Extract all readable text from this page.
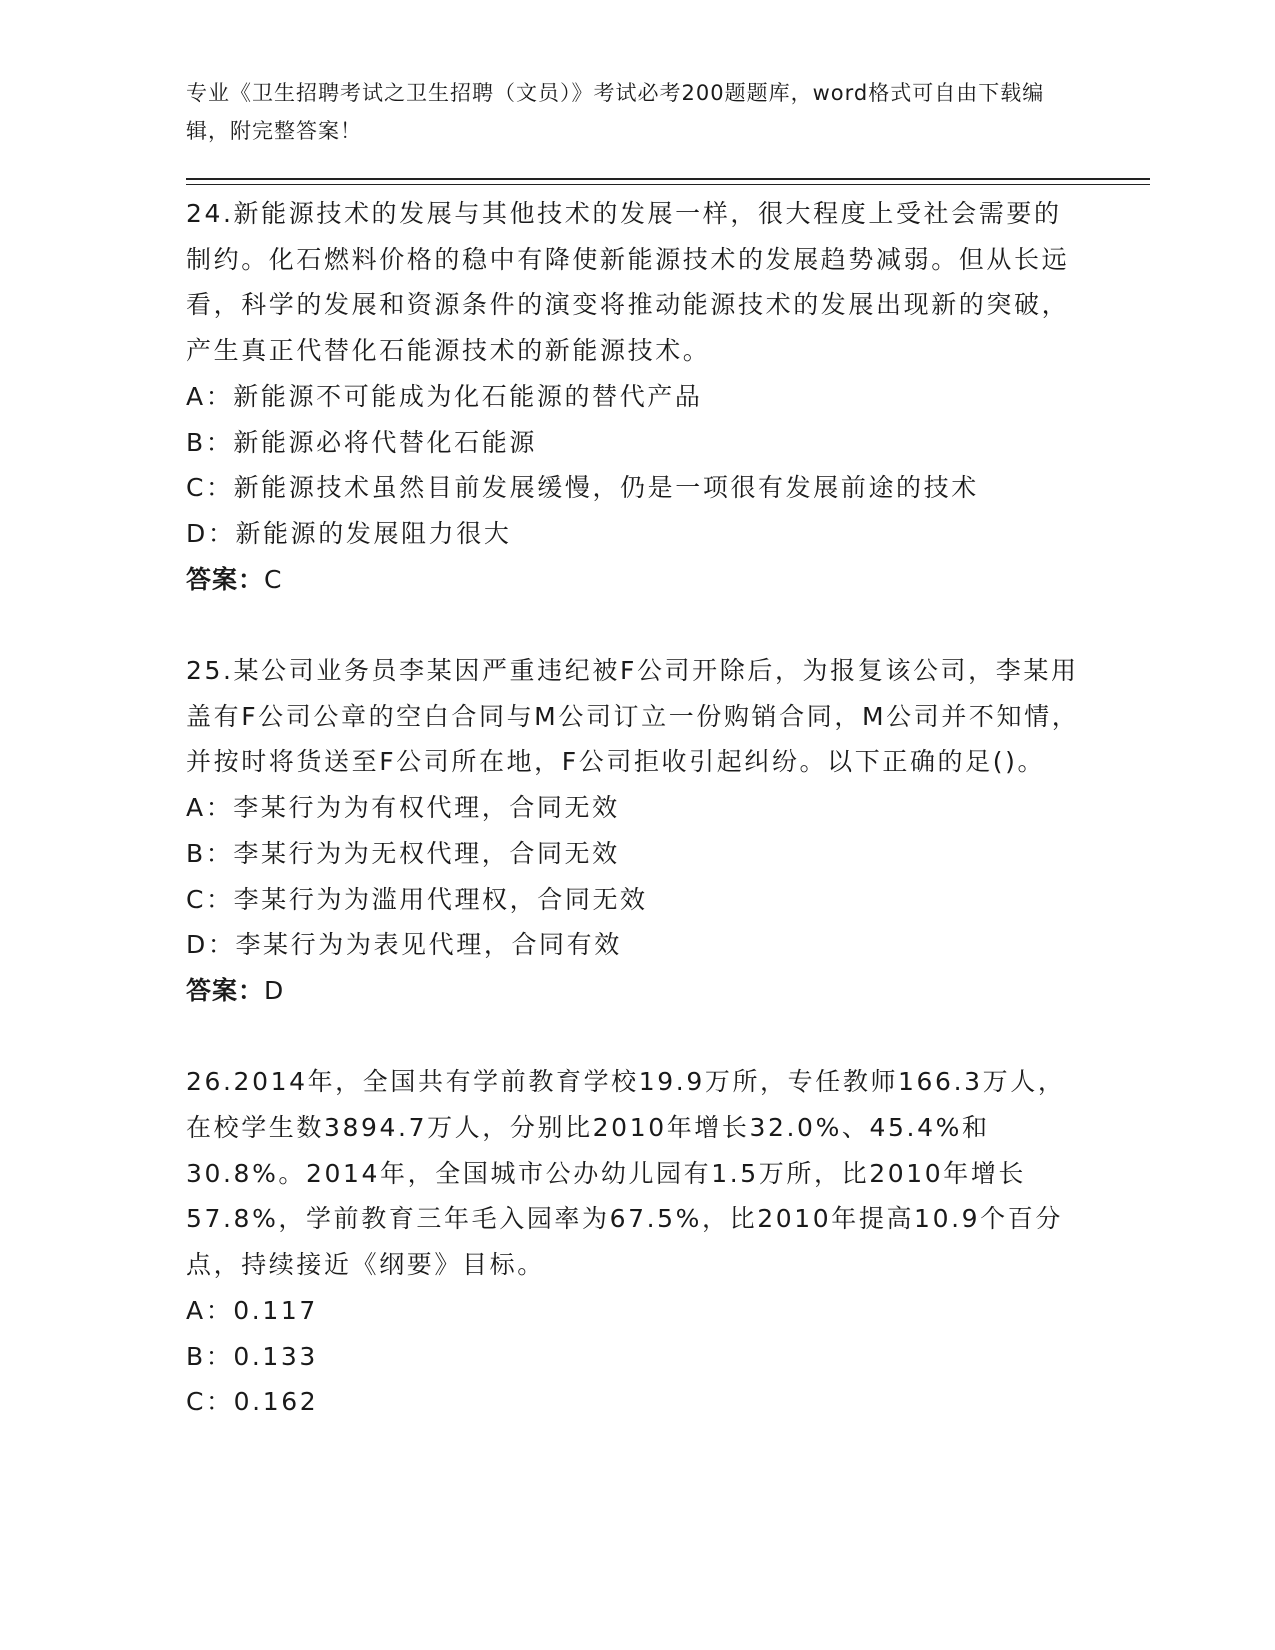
专业《卫生招聘考试之卫生招聘（文员）》考试必考200题题库，word格式可自由下载编辑，附完整答案！

24.新能源技术的发展与其他技术的发展一样，很大程度上受社会需要的制约。化石燃料价格的稳中有降使新能源技术的发展趋势减弱。但从长远看，科学的发展和资源条件的演变将推动能源技术的发展出现新的突破，产生真正代替化石能源技术的新能源技术。

A：新能源不可能成为化石能源的替代产品

B：新能源必将代替化石能源

C：新能源技术虽然目前发展缓慢，仍是一项很有发展前途的技术

D：新能源的发展阻力很大

答案：C

25.某公司业务员李某因严重违纪被F公司开除后，为报复该公司，李某用盖有F公司公章的空白合同与M公司订立一份购销合同，M公司并不知情，并按时将货送至F公司所在地，F公司拒收引起纠纷。以下正确的足()。

A：李某行为为有权代理，合同无效

B：李某行为为无权代理，合同无效

C：李某行为为滥用代理权，合同无效

D：李某行为为表见代理，合同有效

答案：D

26.2014年，全国共有学前教育学校19.9万所，专任教师166.3万人，在校学生数3894.7万人，分别比2010年增长32.0%、45.4%和30.8%。2014年，全国城市公办幼儿园有1.5万所，比2010年增长57.8%，学前教育三年毛入园率为67.5%，比2010年提高10.9个百分点，持续接近《纲要》目标。

A：0.117

B：0.133

C：0.162
